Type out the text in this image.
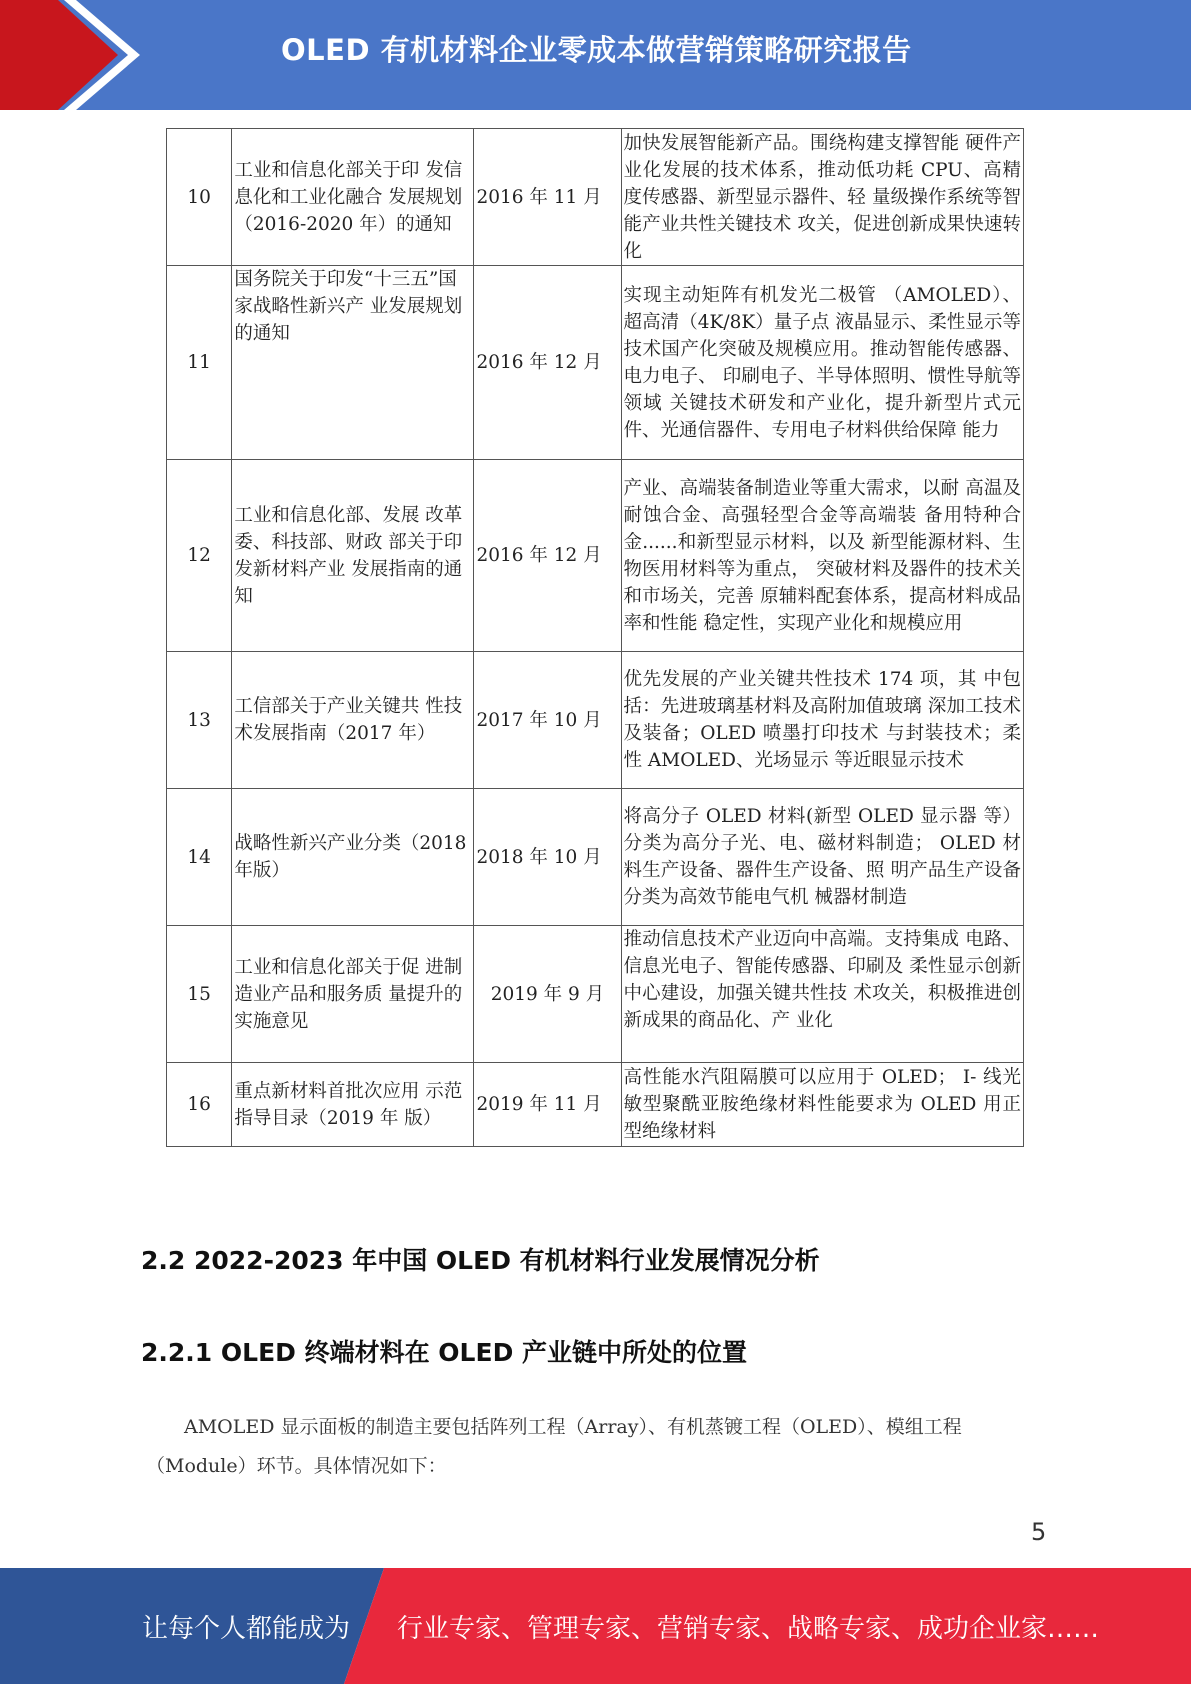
OLED 有机材料企业零成本做营销策略研究报告
10	工业和信息化部关于印 发信息化和工业化融合 发展规划（2016-2020 年）的通知	2016 年 11 月	加快发展智能新产品。围绕构建支撑智能 硬件产业化发展的技术体系，推动低功耗 CPU、高精度传感器、新型显示器件、轻 量级操作系统等智能产业共性关键技术 攻关，促进创新成果快速转化
11	国务院关于印发“十三五”国家战略性新兴产 业发展规划的通知	2016 年 12 月	实现主动矩阵有机发光二极管 （AMOLED）、超高清（4K/8K）量子点 液晶显示、柔性显示等技术国产化突破及规模应用。推动智能传感器、电力电子、 印刷电子、半导体照明、惯性导航等领域 关键技术研发和产业化，提升新型片式元 件、光通信器件、专用电子材料供给保障 能力
12	工业和信息化部、发展 改革委、科技部、财政 部关于印发新材料产业 发展指南的通知	2016 年 12 月	产业、高端装备制造业等重大需求，以耐 高温及耐蚀合金、高强轻型合金等高端装 备用特种合金......和新型显示材料，以及 新型能源材料、生物医用材料等为重点， 突破材料及器件的技术关和市场关，完善 原辅料配套体系，提高材料成品率和性能 稳定性，实现产业化和规模应用
13	工信部关于产业关键共 性技术发展指南（2017 年）	2017 年 10 月	优先发展的产业关键共性技术 174 项，其 中包括：先进玻璃基材料及高附加值玻璃 深加工技术及装备；OLED 喷墨打印技术 与封装技术；柔性 AMOLED、光场显示 等近眼显示技术
14	战略性新兴产业分类（2018 年版）	2018 年 10 月	将高分子 OLED 材料(新型 OLED 显示器 等）分类为高分子光、电、磁材料制造； OLED 材料生产设备、器件生产设备、照 明产品生产设备分类为高效节能电气机 械器材制造
15	工业和信息化部关于促 进制造业产品和服务质 量提升的实施意见	2019 年 9 月	推动信息技术产业迈向中高端。支持集成 电路、信息光电子、智能传感器、印刷及 柔性显示创新中心建设，加强关键共性技 术攻关，积极推进创新成果的商品化、产 业化
16	重点新材料首批次应用 示范指导目录（2019 年 版）	2019 年 11 月	高性能水汽阻隔膜可以应用于 OLED； I- 线光敏型聚酰亚胺绝缘材料性能要求为 OLED 用正型绝缘材料
2.2 2022-2023 年中国 OLED 有机材料行业发展情况分析
2.2.1 OLED 终端材料在 OLED 产业链中所处的位置
AMOLED 显示面板的制造主要包括阵列工程（Array）、有机蒸镀工程（OLED）、模组工程（Module）环节。具体情况如下：
5
让每个人都能成为 行业专家、管理专家、营销专家、战略专家、成功企业家……
